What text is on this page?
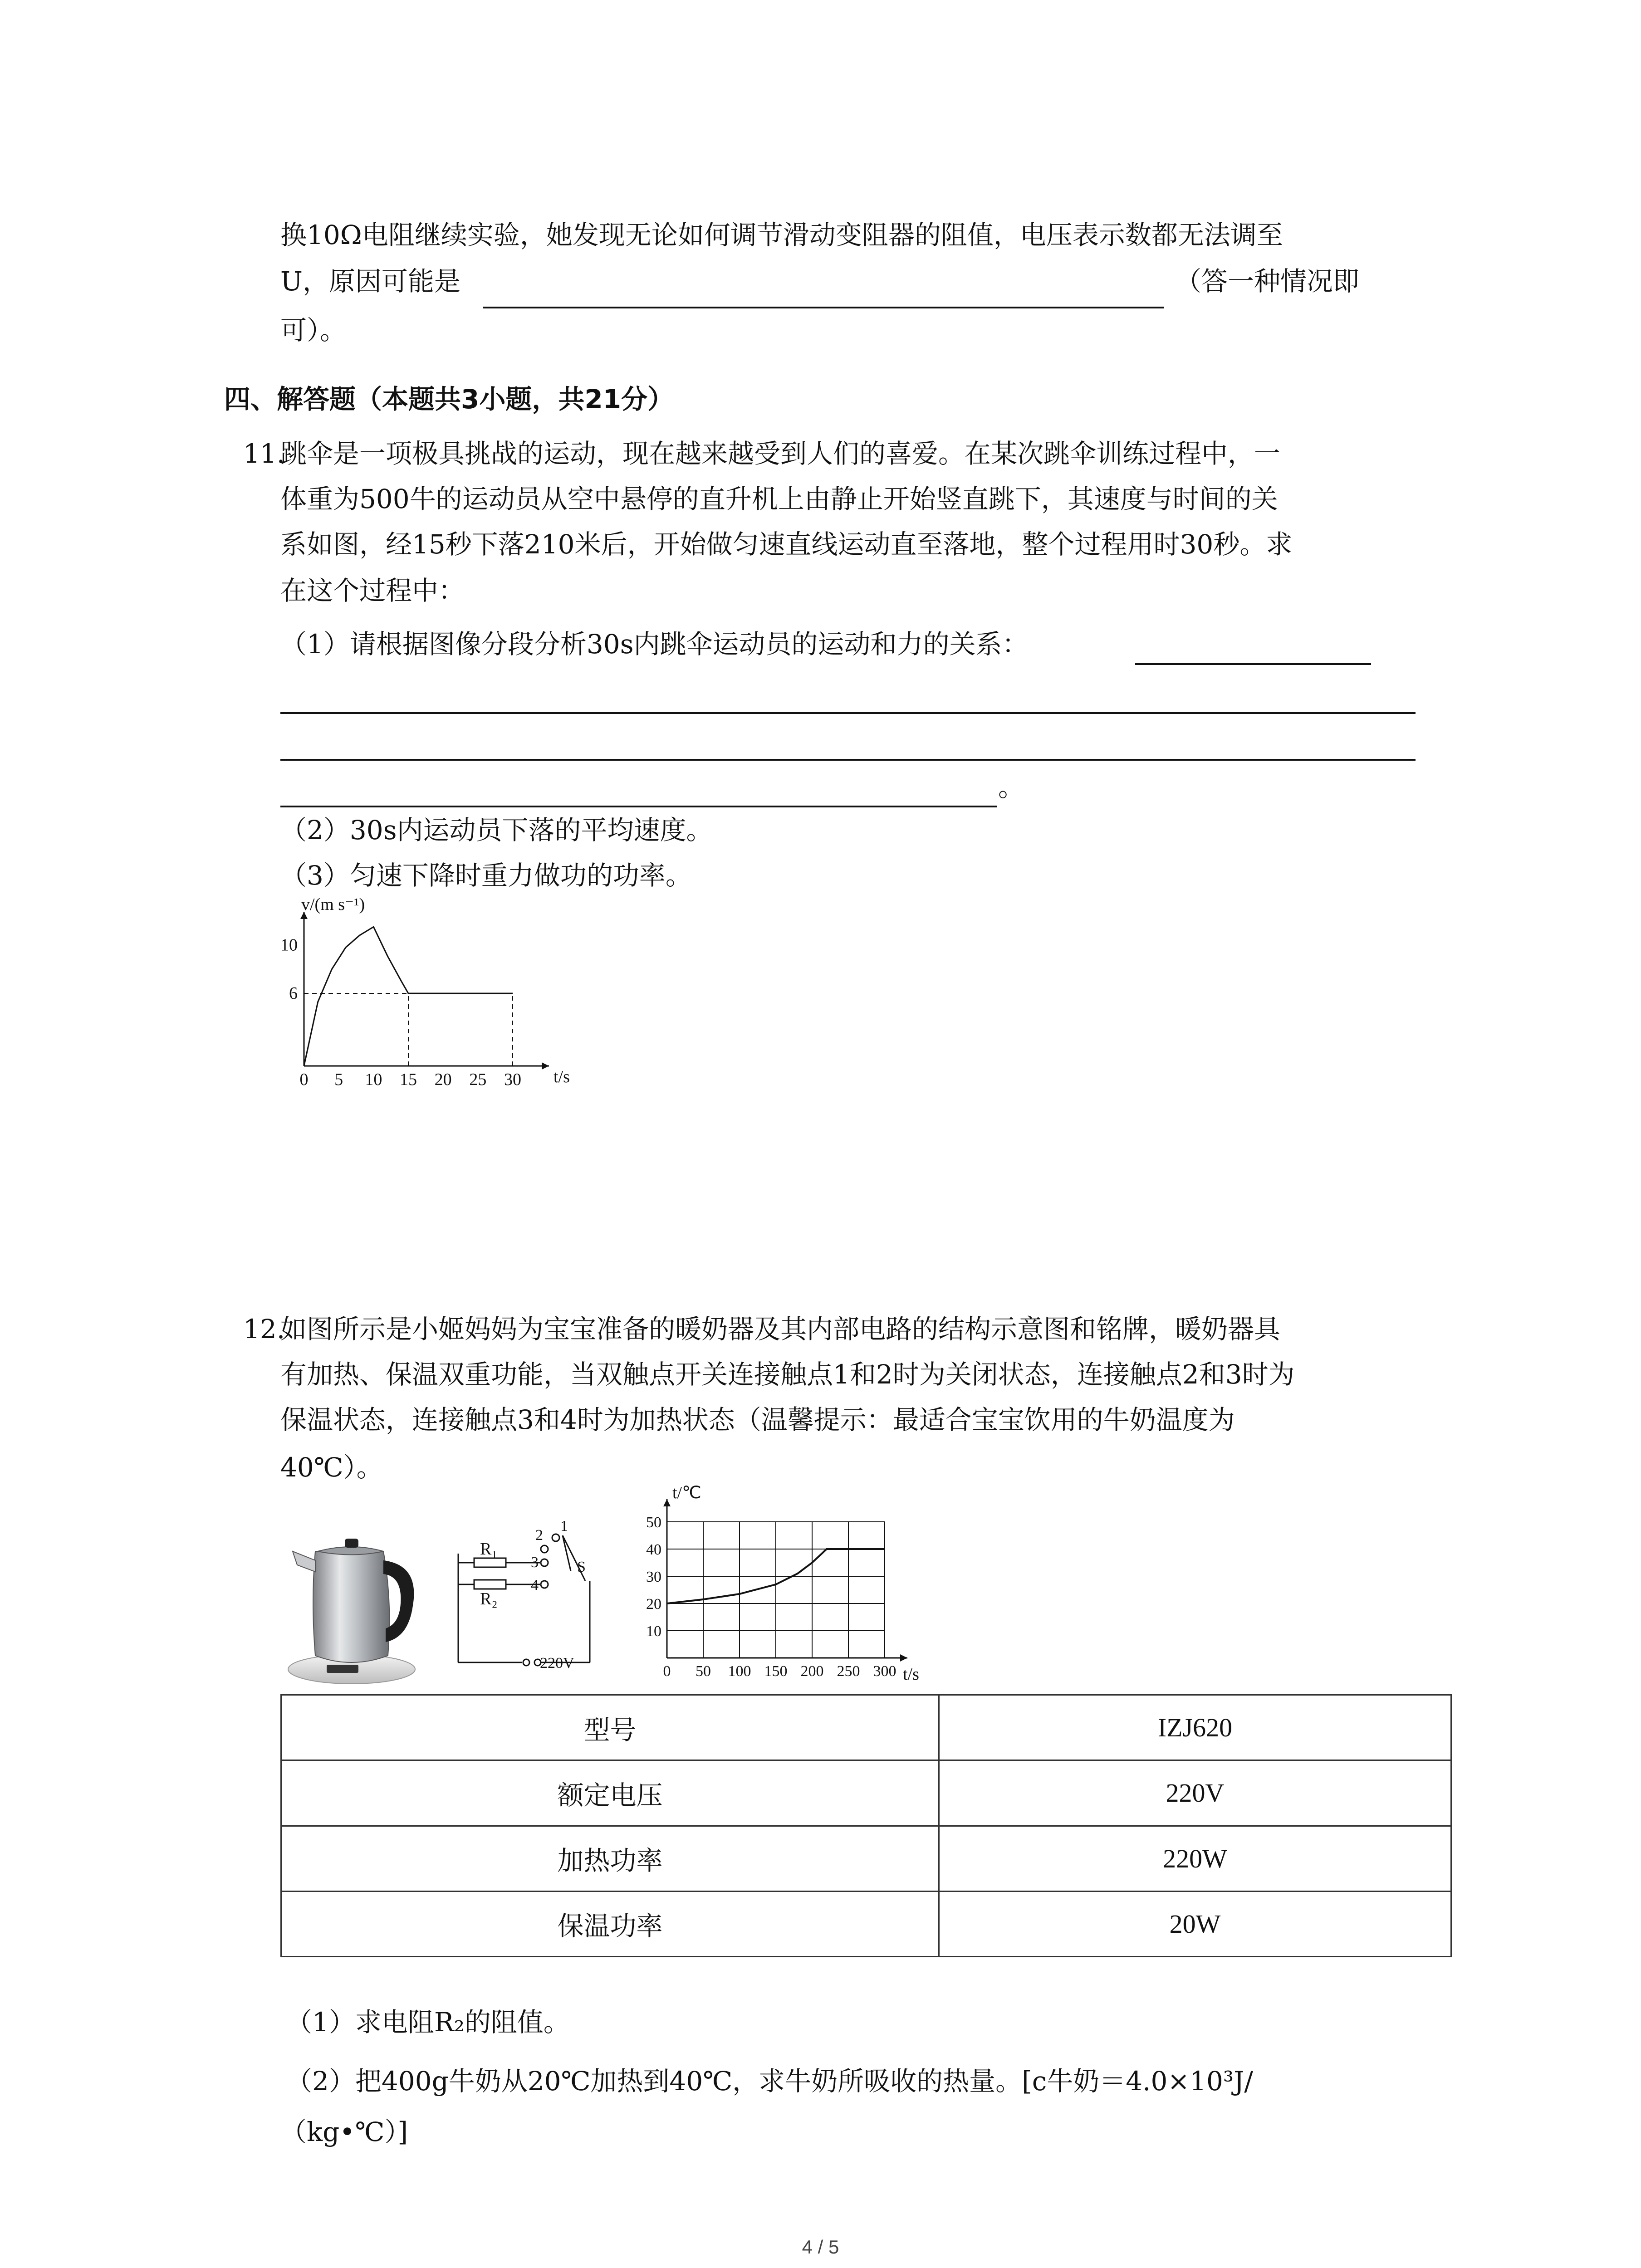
换10Ω电阻继续实验，她发现无论如何调节滑动变阻器的阻值，电压表示数都无法调至
U，原因可能是	（答一种情况即
可）。
四、解答题（本题共3小题，共21分）
11.
跳伞是一项极具挑战的运动，现在越来越受到人们的喜爱。在某次跳伞训练过程中，一
体重为500牛的运动员从空中悬停的直升机上由静止开始竖直跳下，其速度与时间的关
系如图，经15秒下落210米后，开始做匀速直线运动直至落地，整个过程用时30秒。求
在这个过程中：
（1）请根据图像分段分析30s内跳伞运动员的运动和力的关系：
。
（2）30s内运动员下落的平均速度。
（3）匀速下降时重力做功的功率。
0 5 10 15 20 25 30
6
10
v/(m s⁻¹)
t/s
12.
如图所示是小姬妈妈为宝宝准备的暖奶器及其内部电路的结构示意图和铭牌，暖奶器具
有加热、保温双重功能，当双触点开关连接触点1和2时为关闭状态，连接触点2和3时为
保温状态，连接触点3和4时为加热状态（温馨提示：最适合宝宝饮用的牛奶温度为
40℃）。
R₁
R₂
1
2
3
4
S
220V	0 50 100 150 200 250 300
10
20
30
40
50
t/℃
t/s
型号	IZJ620
额定电压	220V
加热功率	220W
保温功率	20W
（1）求电阻R₂的阻值。
（2）把400g牛奶从20℃加热到40℃，求牛奶所吸收的热量。[c牛奶＝4.0×10³J/
（kg•℃）]
4 / 5
